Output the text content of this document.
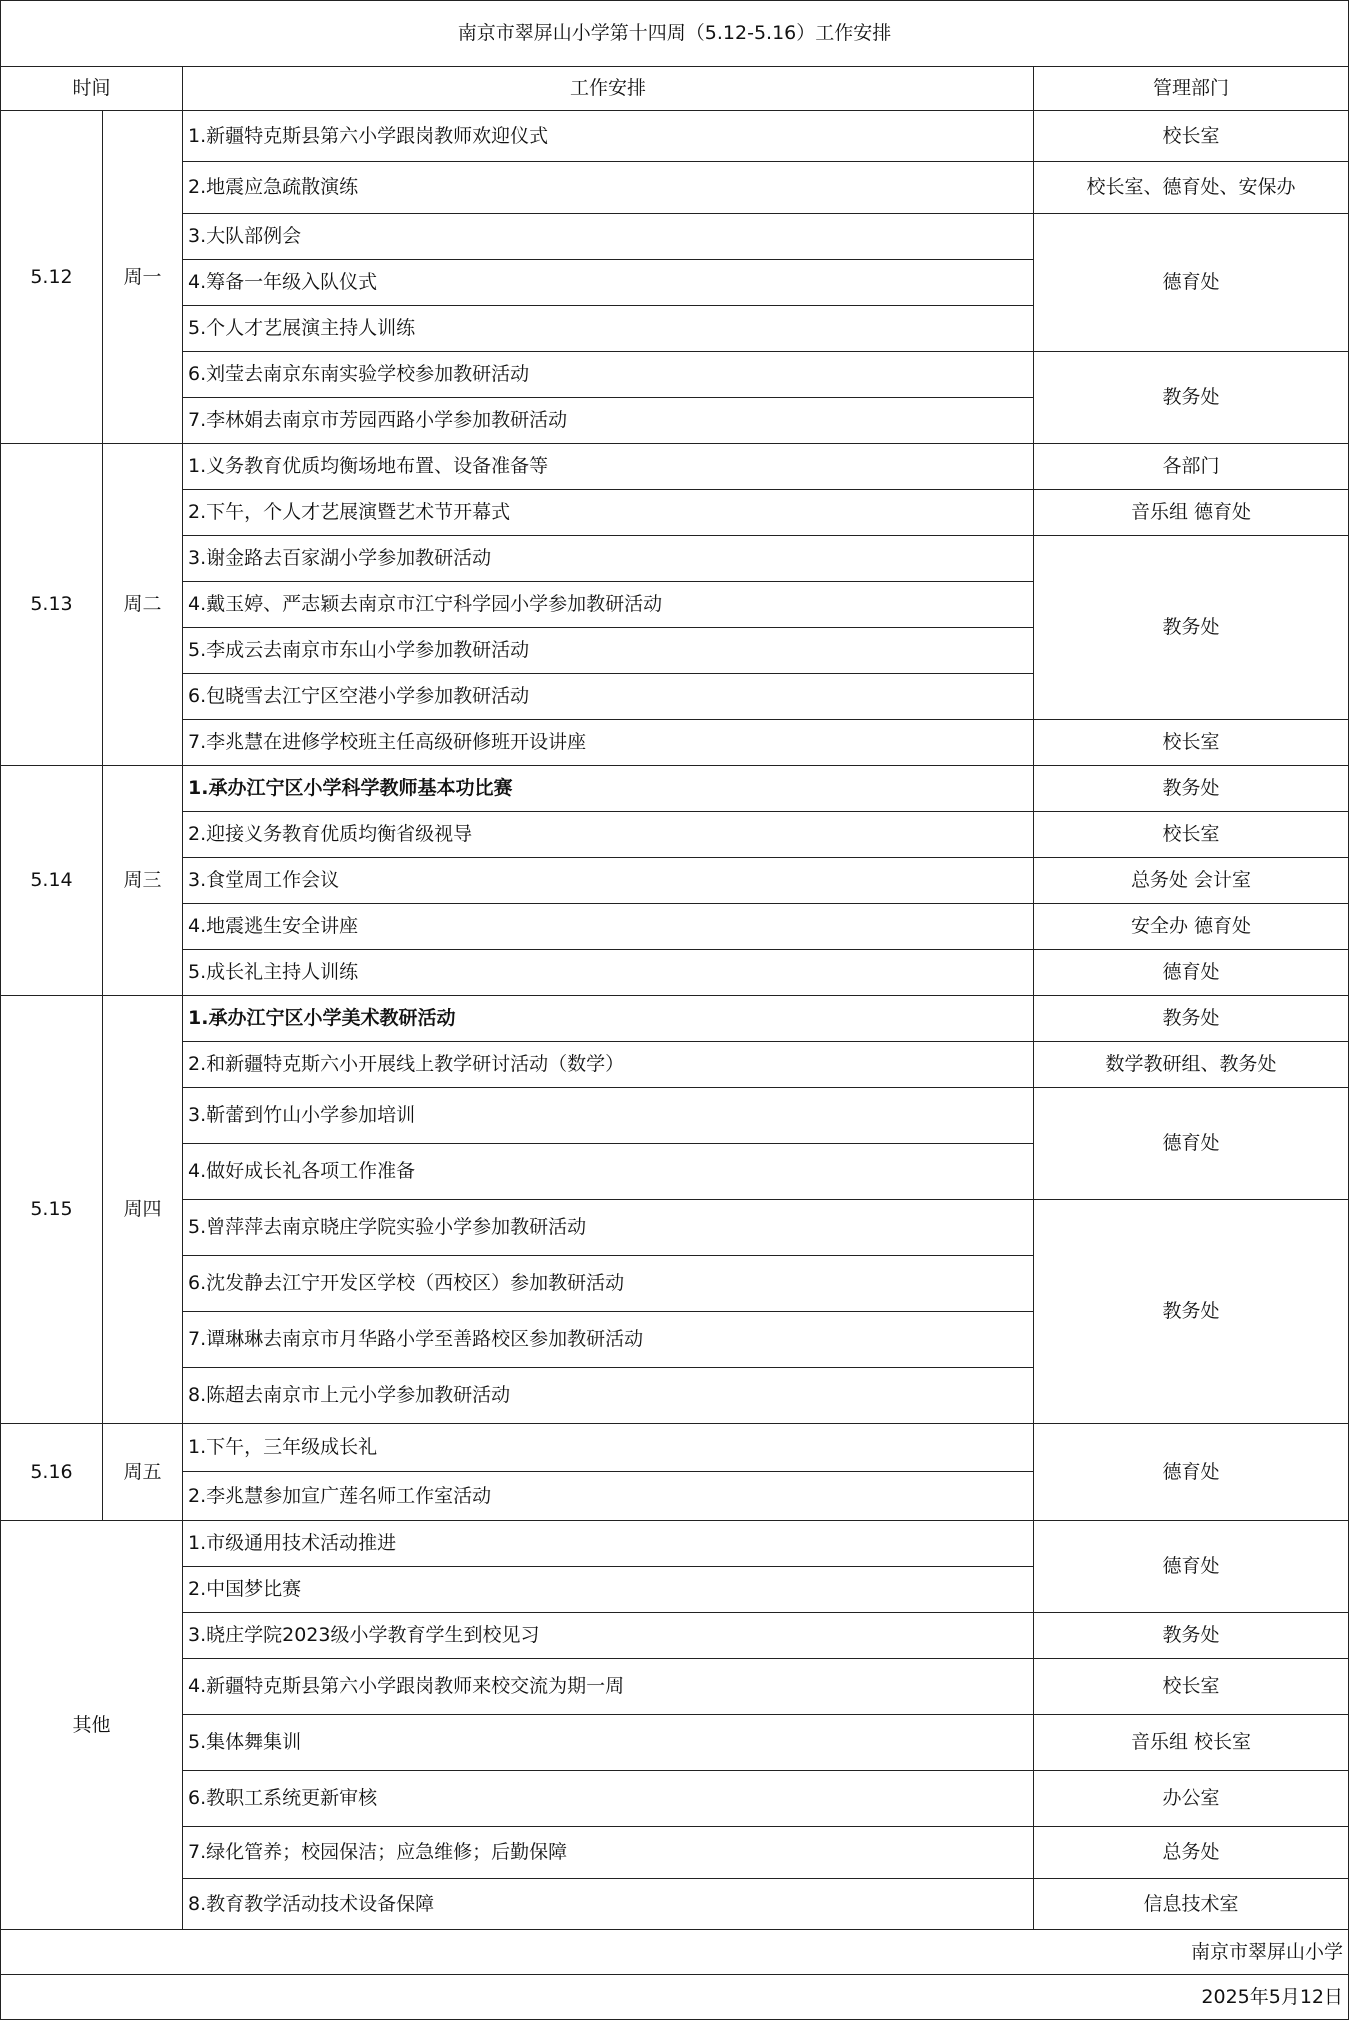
南京市翠屏山小学第十四周（5.12-5.16）工作安排			
时间		工作安排	管理部门
5.12	周一	1.新疆特克斯县第六小学跟岗教师欢迎仪式	校长室
		2.地震应急疏散演练	校长室、德育处、安保办
		3.大队部例会	德育处
		4.筹备一年级入队仪式	
		5.个人才艺展演主持人训练	
		6.刘莹去南京东南实验学校参加教研活动	教务处
		7.李林娟去南京市芳园西路小学参加教研活动	
5.13	周二	1.义务教育优质均衡场地布置、设备准备等	各部门
		2.下午，个人才艺展演暨艺术节开幕式	音乐组 德育处
		3.谢金路去百家湖小学参加教研活动	教务处
		4.戴玉婷、严志颖去南京市江宁科学园小学参加教研活动	
		5.李成云去南京市东山小学参加教研活动	
		6.包晓雪去江宁区空港小学参加教研活动	
		7.李兆慧在进修学校班主任高级研修班开设讲座	校长室
5.14	周三	1.承办江宁区小学科学教师基本功比赛	教务处
		2.迎接义务教育优质均衡省级视导	校长室
		3.食堂周工作会议	总务处 会计室
		4.地震逃生安全讲座	安全办 德育处
		5.成长礼主持人训练	德育处
5.15	周四	1.承办江宁区小学美术教研活动	教务处
		2.和新疆特克斯六小开展线上教学研讨活动（数学）	数学教研组、教务处
		3.靳蕾到竹山小学参加培训	德育处
		4.做好成长礼各项工作准备	
		5.曾萍萍去南京晓庄学院实验小学参加教研活动	教务处
		6.沈发静去江宁开发区学校（西校区）参加教研活动	
		7.谭琳琳去南京市月华路小学至善路校区参加教研活动	
		8.陈超去南京市上元小学参加教研活动	
5.16	周五	1.下午，三年级成长礼	德育处
		2.李兆慧参加宣广莲名师工作室活动	
其他		1.市级通用技术活动推进	德育处
		2.中国梦比赛	
		3.晓庄学院2023级小学教育学生到校见习	教务处
		4.新疆特克斯县第六小学跟岗教师来校交流为期一周	校长室
		5.集体舞集训	音乐组 校长室
		6.教职工系统更新审核	办公室
		7.绿化管养；校园保洁；应急维修；后勤保障	总务处
		8.教育教学活动技术设备保障	信息技术室
南京市翠屏山小学			
2025年5月12日			
